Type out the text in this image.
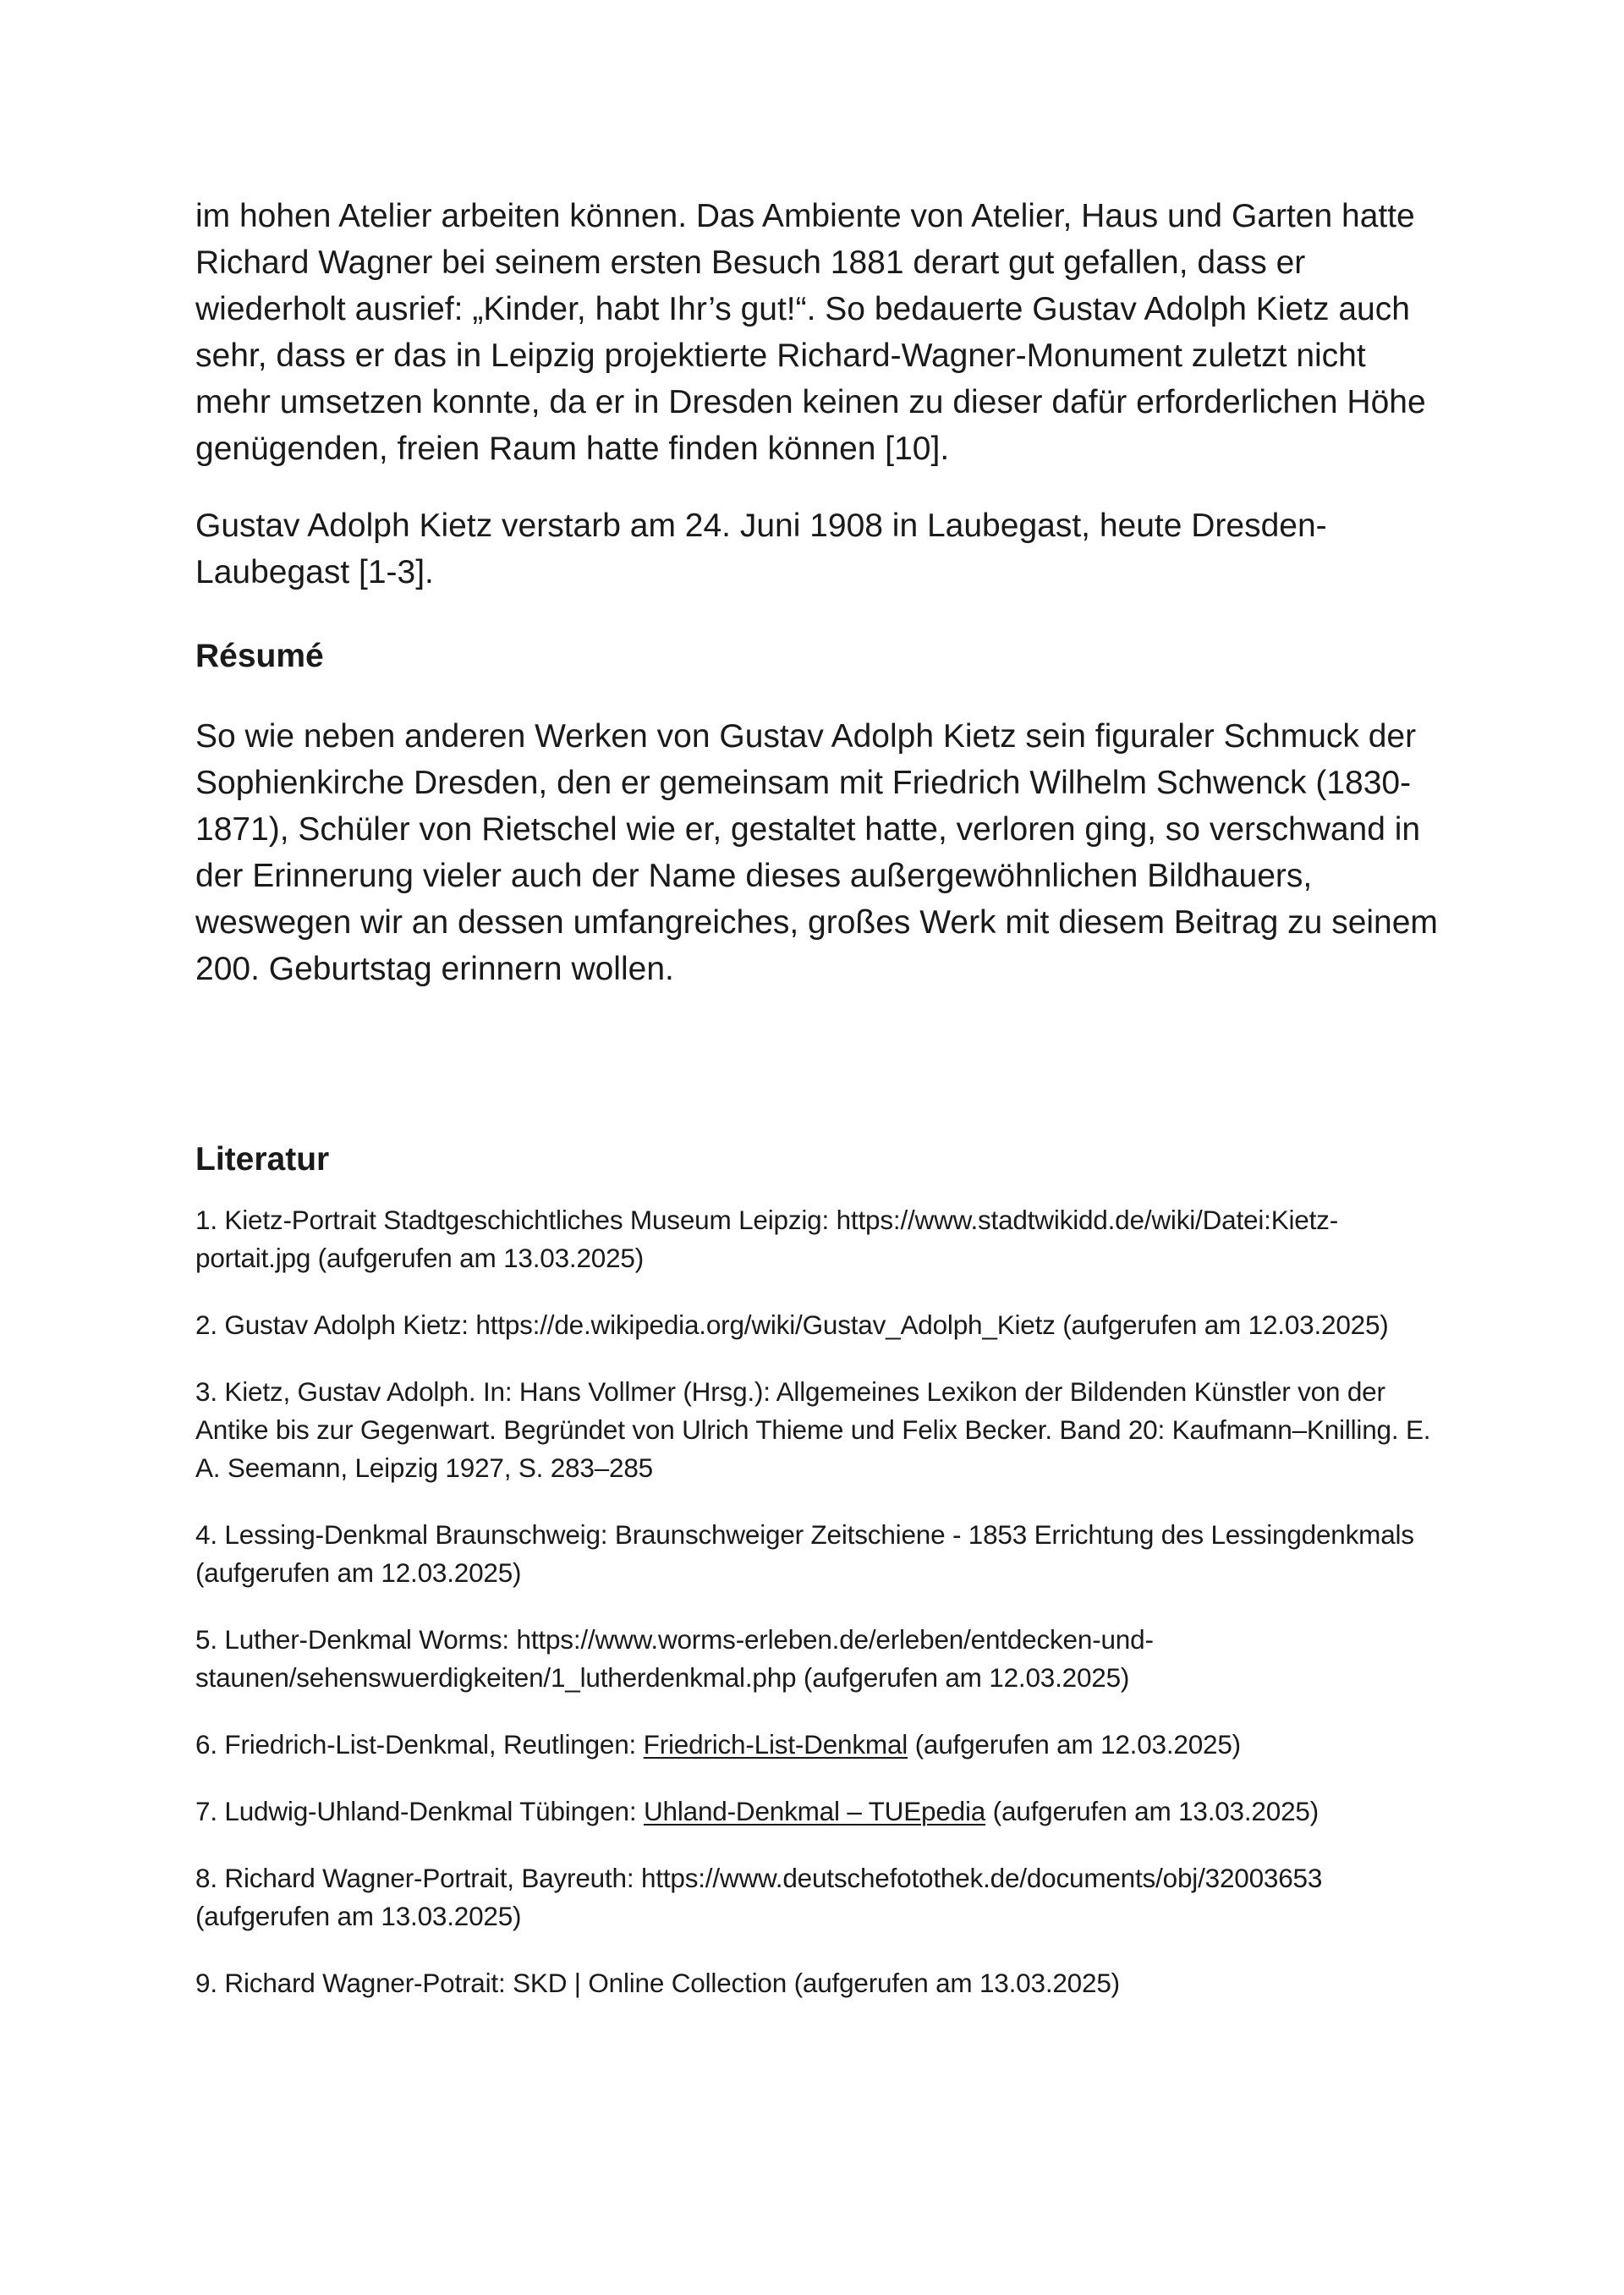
im hohen Atelier arbeiten können. Das Ambiente von Atelier, Haus und Garten hatte Richard Wagner bei seinem ersten Besuch 1881 derart gut gefallen, dass er wiederholt ausrief: „Kinder, habt Ihr’s gut!“. So bedauerte Gustav Adolph Kietz auch sehr, dass er das in Leipzig projektierte Richard-Wagner-Monument zuletzt nicht mehr umsetzen konnte, da er in Dresden keinen zu dieser dafür erforderlichen Höhe genügenden, freien Raum hatte finden können [10].

Gustav Adolph Kietz verstarb am 24. Juni 1908 in Laubegast, heute Dresden-Laubegast [1-3].

Résumé

So wie neben anderen Werken von Gustav Adolph Kietz sein figuraler Schmuck der Sophienkirche Dresden, den er gemeinsam mit Friedrich Wilhelm Schwenck (1830-1871), Schüler von Rietschel wie er, gestaltet hatte, verloren ging, so verschwand in der Erinnerung vieler auch der Name dieses außergewöhnlichen Bildhauers, weswegen wir an dessen umfangreiches, großes Werk mit diesem Beitrag zu seinem 200. Geburtstag erinnern wollen.

Literatur
1. Kietz-Portrait Stadtgeschichtliches Museum Leipzig: https://www.stadtwikidd.de/wiki/Datei:Kietz-portait.jpg (aufgerufen am 13.03.2025)
2. Gustav Adolph Kietz: https://de.wikipedia.org/wiki/Gustav_Adolph_Kietz (aufgerufen am 12.03.2025)
3. Kietz, Gustav Adolph. In: Hans Vollmer (Hrsg.): Allgemeines Lexikon der Bildenden Künstler von der Antike bis zur Gegenwart. Begründet von Ulrich Thieme und Felix Becker. Band 20: Kaufmann–Knilling. E. A. Seemann, Leipzig 1927, S. 283–285
4. Lessing-Denkmal Braunschweig: Braunschweiger Zeitschiene - 1853 Errichtung des Lessingdenkmals (aufgerufen am 12.03.2025)
5. Luther-Denkmal Worms: https://www.worms-erleben.de/erleben/entdecken-und-staunen/sehenswuerdigkeiten/1_lutherdenkmal.php (aufgerufen am 12.03.2025)
6. Friedrich-List-Denkmal, Reutlingen: Friedrich-List-Denkmal (aufgerufen am 12.03.2025)
7. Ludwig-Uhland-Denkmal Tübingen: Uhland-Denkmal – TUEpedia (aufgerufen am 13.03.2025)
8. Richard Wagner-Portrait, Bayreuth: https://www.deutschefotothek.de/documents/obj/32003653 (aufgerufen am 13.03.2025)
9. Richard Wagner-Potrait: SKD | Online Collection (aufgerufen am 13.03.2025)
